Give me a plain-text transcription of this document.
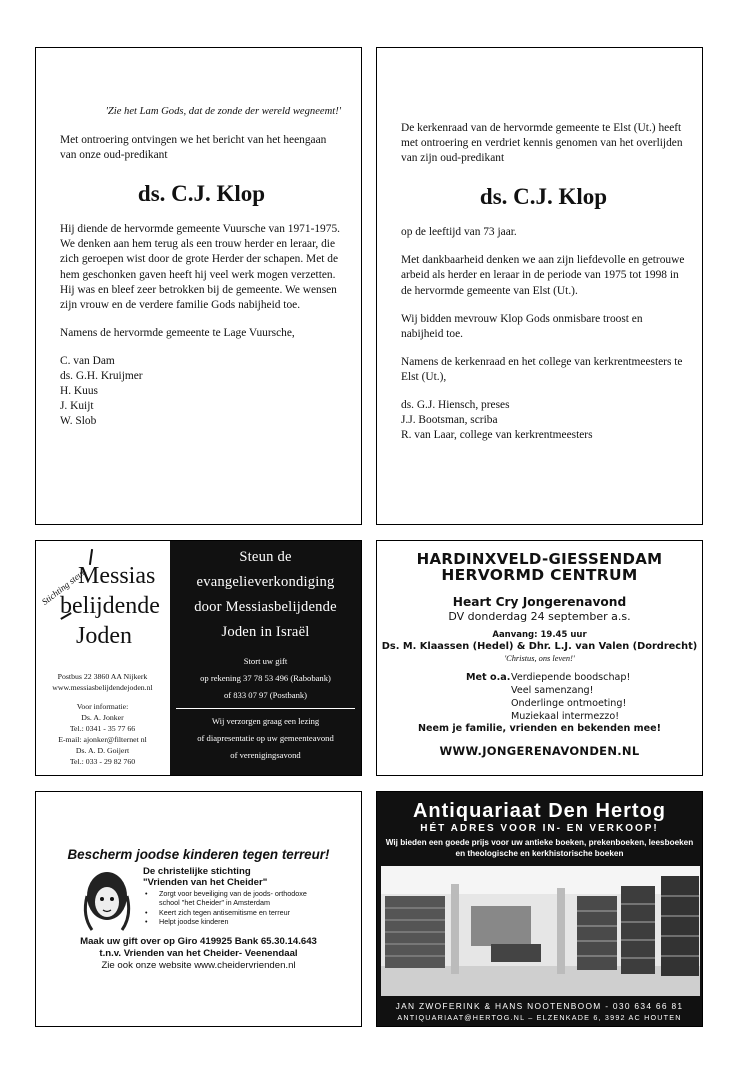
'Zie het Lam Gods, dat de zonde der wereld wegneemt!'
Met ontroering ontvingen we het bericht van het heengaan van onze oud-predikant
ds. C.J. Klop
Hij diende de hervormde gemeente Vuursche van 1971-1975. We denken aan hem terug als een trouw herder en leraar, die zich geroepen wist door de grote Herder der schapen. Met de hem geschonken gaven heeft hij veel werk mogen verzetten. Hij was en bleef zeer betrokken bij de gemeente. We wensen zijn vrouw en de verdere familie Gods nabijheid toe.
Namens de hervormde gemeente te Lage Vuursche,
C. van Dam
ds. G.H. Kruijmer
H. Kuus
J. Kuijt
W. Slob
De kerkenraad van de hervormde gemeente te Elst (Ut.) heeft met ontroering en verdriet kennis genomen van het overlijden van zijn oud-predikant
ds. C.J. Klop
op de leeftijd van 73 jaar.
Met dankbaarheid denken we aan zijn liefdevolle en getrouwe arbeid als herder en leraar in de periode van 1975 tot 1998 in de hervormde gemeente van Elst (Ut.).
Wij bidden mevrouw Klop Gods onmisbare troost en nabijheid toe.
Namens de kerkenraad en het college van kerkrentmeesters te Elst (Ut.),
ds. G.J. Hiensch, preses
J.J. Bootsman, scriba
R. van Laar, college van kerkrentmeesters
Stichting steun
Messias
belijdende
Joden
Postbus 22 3860 AA Nijkerk
www.messiasbelijdendejoden.nl
Voor informatie:
Ds. A. Jonker
Tel.: 0341 - 35 77 66
E-mail: ajonker@filternet nl
Ds. A. D. Goijert
Tel.: 033 - 29 82 760
Steun de
evangelieverkondiging
door Messiasbelijdende
Joden in Israël
Stort uw gift
op rekening 37 78 53 496 (Rabobank)
of 833 07 97 (Postbank)
Wij verzorgen graag een lezing
of diapresentatie op uw gemeenteavond
of verenigingsavond
HARDINXVELD-GIESSENDAM
HERVORMD CENTRUM
Heart Cry Jongerenavond
DV donderdag 24 september a.s.
Aanvang: 19.45 uur
Ds. M. Klaassen (Hedel) & Dhr. L.J. van Valen (Dordrecht)
'Christus, ons leven!'
Met o.a. Verdiepende boodschap!
Veel samenzang!
Onderlinge ontmoeting!
Muziekaal intermezzo!
Neem je familie, vrienden en bekenden mee!
WWW.JONGERENAVONDEN.NL
Bescherm joodse kinderen tegen terreur!
De christelijke stichting
"Vrienden van het Cheider"
• Zorgt voor beveiliging van de joods- orthodoxe
school "het Cheider" in Amsterdam
• Keert zich tegen antisemitisme en terreur
• Helpt joodse kinderen
Maak uw gift over op Giro 419925 Bank 65.30.14.643
t.n.v. Vrienden van het Cheider- Veenendaal
Zie ook onze website www.cheidervrienden.nl
Antiquariaat Den Hertog
HÉT ADRES VOOR IN- EN VERKOOP!
Wij bieden een goede prijs voor uw antieke boeken, prekenboeken, leesboeken
en theologische en kerkhistorische boeken
JAN ZWOFERINK & HANS NOOTENBOOM - 030 634 66 81
ANTIQUARIAAT@HERTOG.NL – ELZENKADE 6, 3992 AC HOUTEN
